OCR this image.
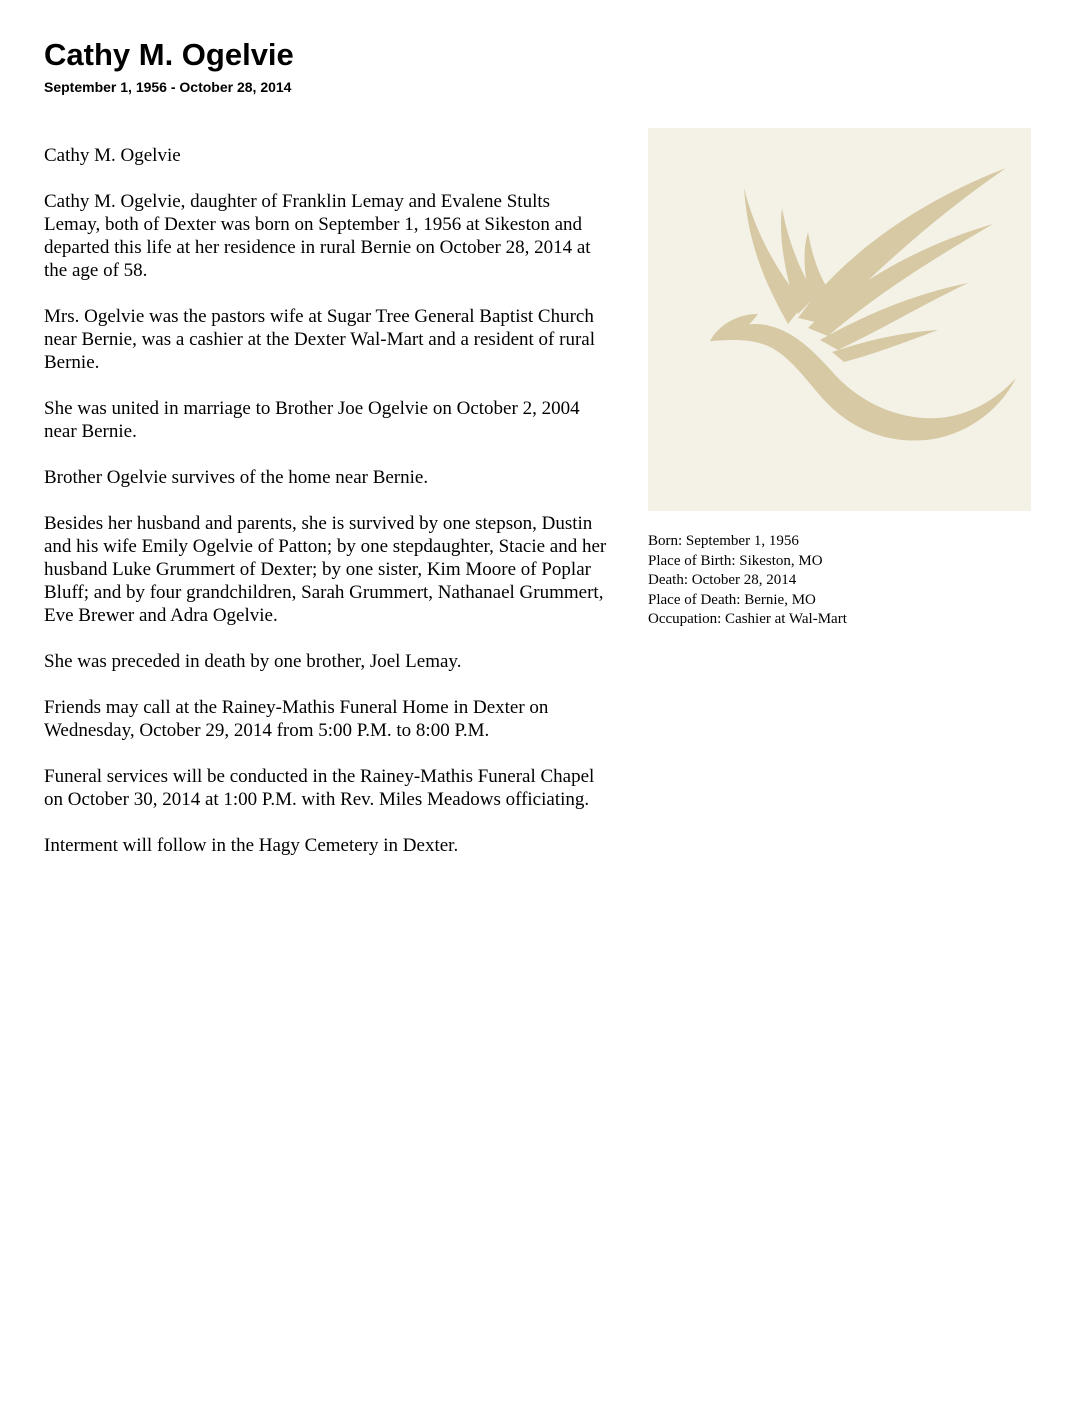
Cathy M. Ogelvie
September 1, 1956 - October 28, 2014

Cathy M. Ogelvie

Cathy M. Ogelvie, daughter of Franklin Lemay and Evalene Stults Lemay, both of Dexter was born on September 1, 1956 at Sikeston and departed this life at her residence in rural Bernie on October 28, 2014 at the age of 58.

Mrs. Ogelvie was the pastors wife at Sugar Tree General Baptist Church near Bernie, was a cashier at the Dexter Wal-Mart and a resident of rural Bernie.

She was united in marriage to Brother Joe Ogelvie on October 2, 2004 near Bernie.

Brother Ogelvie survives of the home near Bernie.

Besides her husband and parents, she is survived by one stepson, Dustin and his wife Emily Ogelvie of Patton; by one stepdaughter, Stacie and her husband Luke Grummert of Dexter; by one sister, Kim Moore of Poplar Bluff; and by four grandchildren, Sarah Grummert, Nathanael Grummert, Eve Brewer and Adra Ogelvie.

She was preceded in death by one brother, Joel Lemay.

Friends may call at the Rainey-Mathis Funeral Home in Dexter on Wednesday, October 29, 2014 from 5:00 P.M. to 8:00 P.M.

Funeral services will be conducted in the Rainey-Mathis Funeral Chapel on October 30, 2014 at 1:00 P.M. with Rev. Miles Meadows officiating.

Interment will follow in the Hagy Cemetery in Dexter.

Born: September 1, 1956
Place of Birth: Sikeston, MO
Death: October 28, 2014
Place of Death: Bernie, MO
Occupation: Cashier at Wal-Mart
